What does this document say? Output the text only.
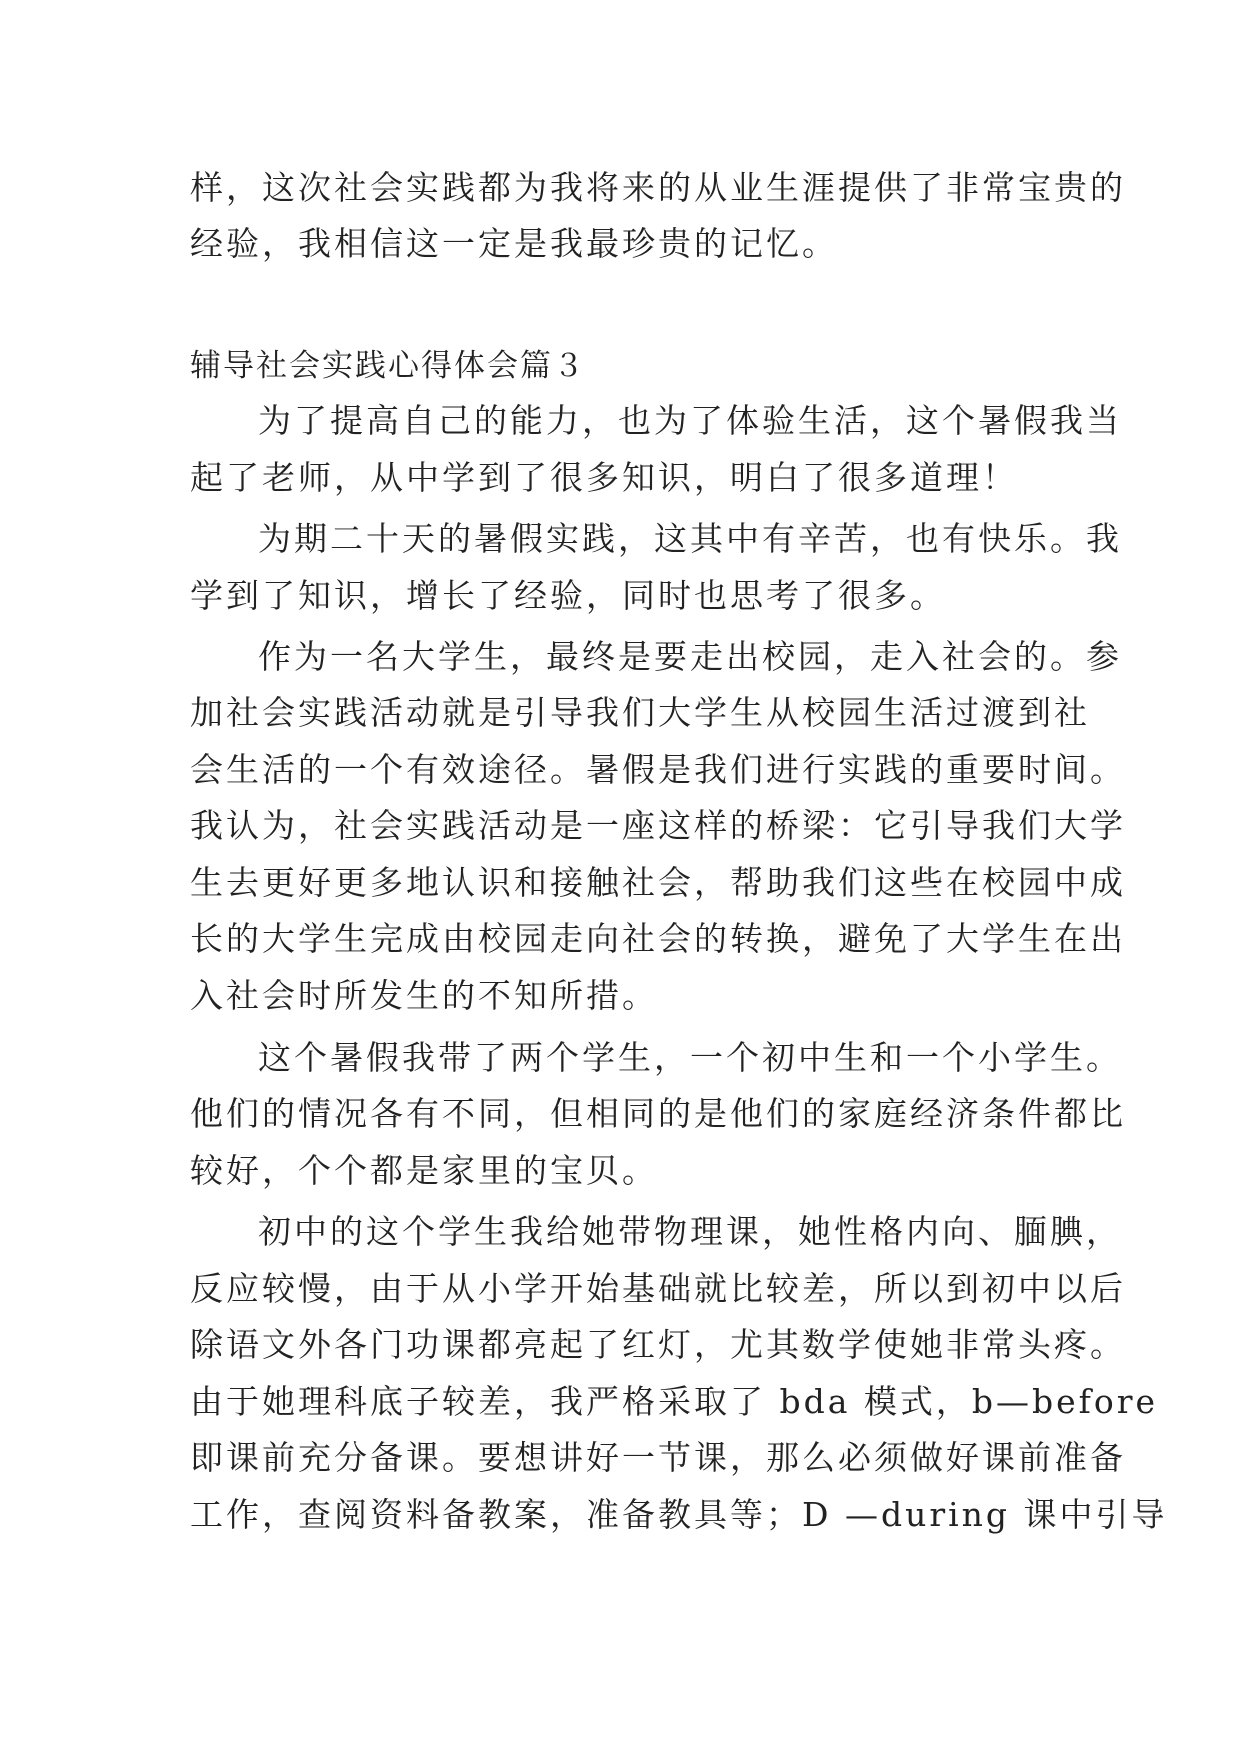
样，这次社会实践都为我将来的从业生涯提供了非常宝贵的

经验，我相信这一定是我最珍贵的记忆。

辅导社会实践心得体会篇３

为了提高自己的能力，也为了体验生活，这个暑假我当

起了老师，从中学到了很多知识，明白了很多道理！

为期二十天的暑假实践，这其中有辛苦，也有快乐。我

学到了知识，增长了经验，同时也思考了很多。

作为一名大学生，最终是要走出校园，走入社会的。参

加社会实践活动就是引导我们大学生从校园生活过渡到社

会生活的一个有效途径。暑假是我们进行实践的重要时间。

我认为，社会实践活动是一座这样的桥梁：它引导我们大学

生去更好更多地认识和接触社会，帮助我们这些在校园中成

长的大学生完成由校园走向社会的转换，避免了大学生在出

入社会时所发生的不知所措。

这个暑假我带了两个学生，一个初中生和一个小学生。

他们的情况各有不同，但相同的是他们的家庭经济条件都比

较好，个个都是家里的宝贝。

初中的这个学生我给她带物理课，她性格内向、腼腆，

反应较慢，由于从小学开始基础就比较差，所以到初中以后

除语文外各门功课都亮起了红灯，尤其数学使她非常头疼。

由于她理科底子较差，我严格采取了 bda 模式，b—before

即课前充分备课。要想讲好一节课，那么必须做好课前准备

工作，查阅资料备教案，准备教具等；D —during 课中引导
